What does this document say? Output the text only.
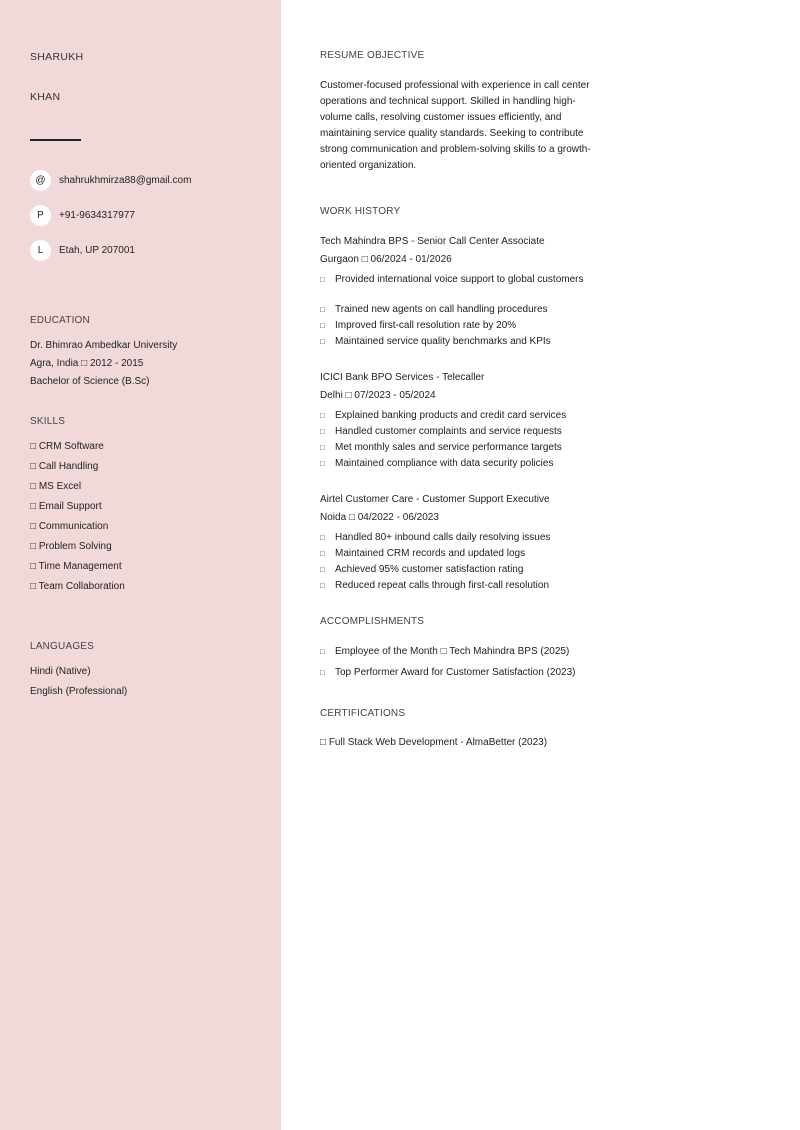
SHARUKH
KHAN
@	shahrukhmirza88@gmail.com
P	+91-9634317977
L	Etah, UP 207001
EDUCATION
Dr. Bhimrao Ambedkar University
Agra, India □ 2012 - 2015
Bachelor of Science (B.Sc)
SKILLS
□ CRM Software
□ Call Handling
□ MS Excel
□ Email Support
□ Communication
□ Problem Solving
□ Time Management
□ Team Collaboration
LANGUAGES
Hindi (Native)
English (Professional)
RESUME OBJECTIVE
Customer-focused professional with experience in call center operations and technical support. Skilled in handling high-volume calls, resolving customer issues efficiently, and maintaining service quality standards. Seeking to contribute strong communication and problem-solving skills to a growth-oriented organization.
WORK HISTORY
Tech Mahindra BPS - Senior Call Center Associate
Gurgaon □ 06/2024 - 01/2026
□	Provided international voice support to global customers
□	Trained new agents on call handling procedures
□	Improved first-call resolution rate by 20%
□	Maintained service quality benchmarks and KPIs
ICICI Bank BPO Services - Telecaller
Delhi □ 07/2023 - 05/2024
□	Explained banking products and credit card services
□	Handled customer complaints and service requests
□	Met monthly sales and service performance targets
□	Maintained compliance with data security policies
Airtel Customer Care - Customer Support Executive
Noida □ 04/2022 - 06/2023
□	Handled 80+ inbound calls daily resolving issues
□	Maintained CRM records and updated logs
□	Achieved 95% customer satisfaction rating
□	Reduced repeat calls through first-call resolution
ACCOMPLISHMENTS
□	Employee of the Month □ Tech Mahindra BPS (2025)
□	Top Performer Award for Customer Satisfaction (2023)
CERTIFICATIONS
□ Full Stack Web Development - AlmaBetter (2023)
